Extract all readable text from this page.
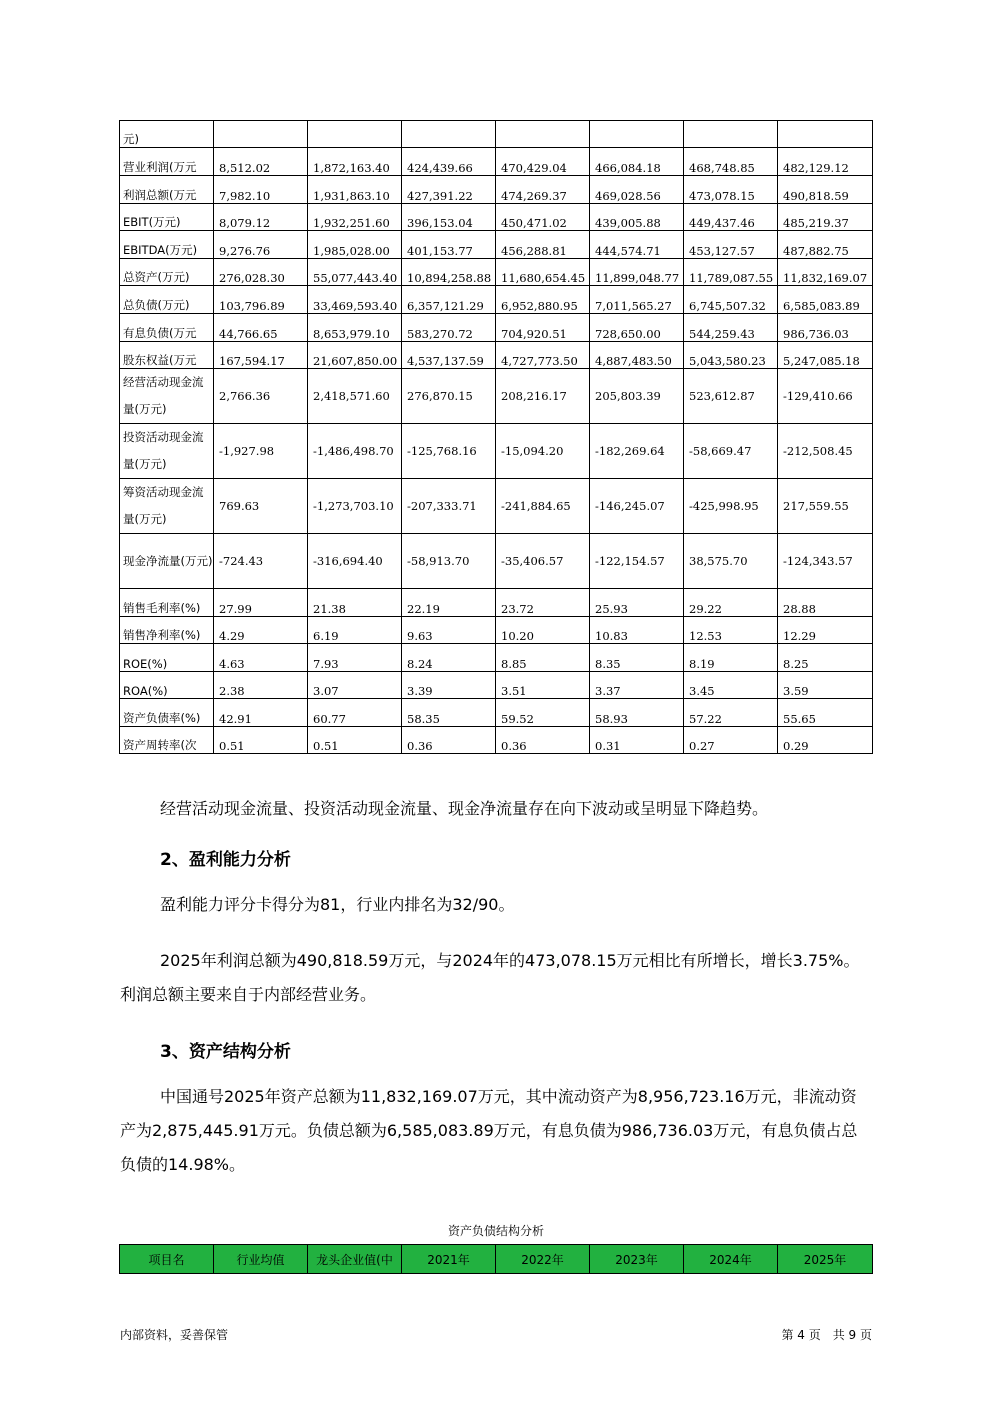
元)							
营业利润(万元	8,512.02	1,872,163.40	424,439.66	470,429.04	466,084.18	468,748.85	482,129.12
利润总额(万元	7,982.10	1,931,863.10	427,391.22	474,269.37	469,028.56	473,078.15	490,818.59
EBIT(万元)	8,079.12	1,932,251.60	396,153.04	450,471.02	439,005.88	449,437.46	485,219.37
EBITDA(万元)	9,276.76	1,985,028.00	401,153.77	456,288.81	444,574.71	453,127.57	487,882.75
总资产(万元)	276,028.30	55,077,443.40	10,894,258.88	11,680,654.45	11,899,048.77	11,789,087.55	11,832,169.07
总负债(万元)	103,796.89	33,469,593.40	6,357,121.29	6,952,880.95	7,011,565.27	6,745,507.32	6,585,083.89
有息负债(万元	44,766.65	8,653,979.10	583,270.72	704,920.51	728,650.00	544,259.43	986,736.03
股东权益(万元	167,594.17	21,607,850.00	4,537,137.59	4,727,773.50	4,887,483.50	5,043,580.23	5,247,085.18
经营活动现金流量(万元)	2,766.36	2,418,571.60	276,870.15	208,216.17	205,803.39	523,612.87	-129,410.66
投资活动现金流量(万元)	-1,927.98	-1,486,498.70	-125,768.16	-15,094.20	-182,269.64	-58,669.47	-212,508.45
筹资活动现金流量(万元)	769.63	-1,273,703.10	-207,333.71	-241,884.65	-146,245.07	-425,998.95	217,559.55
现金净流量(万元)	-724.43	-316,694.40	-58,913.70	-35,406.57	-122,154.57	38,575.70	-124,343.57
销售毛利率(%)	27.99	21.38	22.19	23.72	25.93	29.22	28.88
销售净利率(%)	4.29	6.19	9.63	10.20	10.83	12.53	12.29
ROE(%)	4.63	7.93	8.24	8.85	8.35	8.19	8.25
ROA(%)	2.38	3.07	3.39	3.51	3.37	3.45	3.59
资产负债率(%)	42.91	60.77	58.35	59.52	58.93	57.22	55.65
资产周转率(次	0.51	0.51	0.36	0.36	0.31	0.27	0.29

经营活动现金流量、投资活动现金流量、现金净流量存在向下波动或呈明显下降趋势。

2、盈利能力分析

盈利能力评分卡得分为81，行业内排名为32/90。

2025年利润总额为490,818.59万元，与2024年的473,078.15万元相比有所增长，增长3.75%。利润总额主要来自于内部经营业务。

3、资产结构分析

中国通号2025年资产总额为11,832,169.07万元，其中流动资产为8,956,723.16万元，非流动资产为2,875,445.91万元。负债总额为6,585,083.89万元，有息负债为986,736.03万元，有息负债占总负债的14.98%。

资产负债结构分析
项目名	行业均值	龙头企业值(中	2021年	2022年	2023年	2024年	2025年
内部资料，妥善保管	第 4 页　共 9 页
